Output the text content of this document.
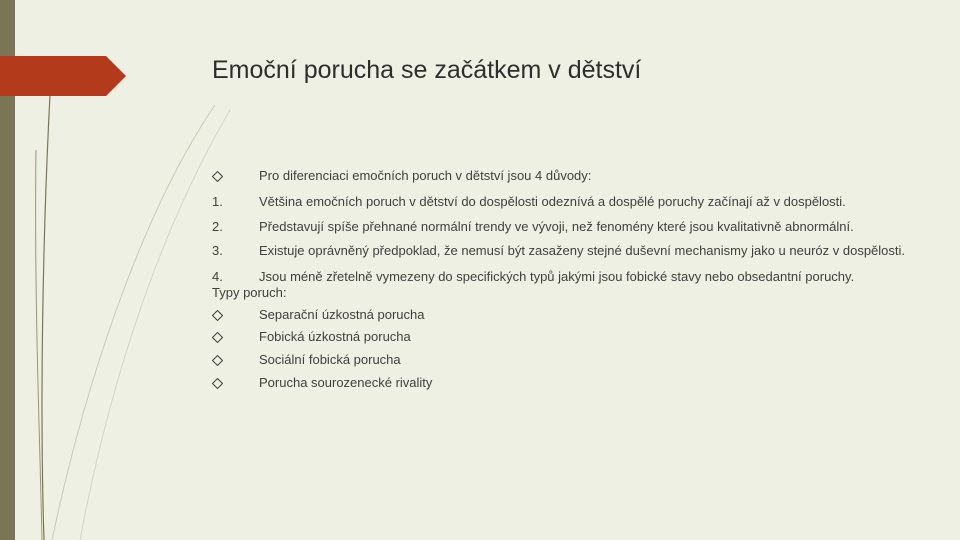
Emoční porucha se začátkem v dětství
Pro diferenciaci emočních poruch v dětství jsou 4 důvody:
1.	Většina emočních poruch v dětství do dospělosti odeznívá a dospělé poruchy začínají až v dospělosti.
2.	Představují spíše přehnané normální trendy ve vývoji, než fenomény které jsou kvalitativně abnormální.
3.	Existuje oprávněný předpoklad, že nemusí být zasaženy stejné duševní mechanismy jako u neuróz v dospělosti.
4.	Jsou méně zřetelně vymezeny do specifických typů jakými jsou fobické stavy nebo obsedantní poruchy.
Typy poruch:
Separační úzkostná porucha
Fobická úzkostná porucha
Sociální fobická porucha
Porucha sourozenecké rivality
